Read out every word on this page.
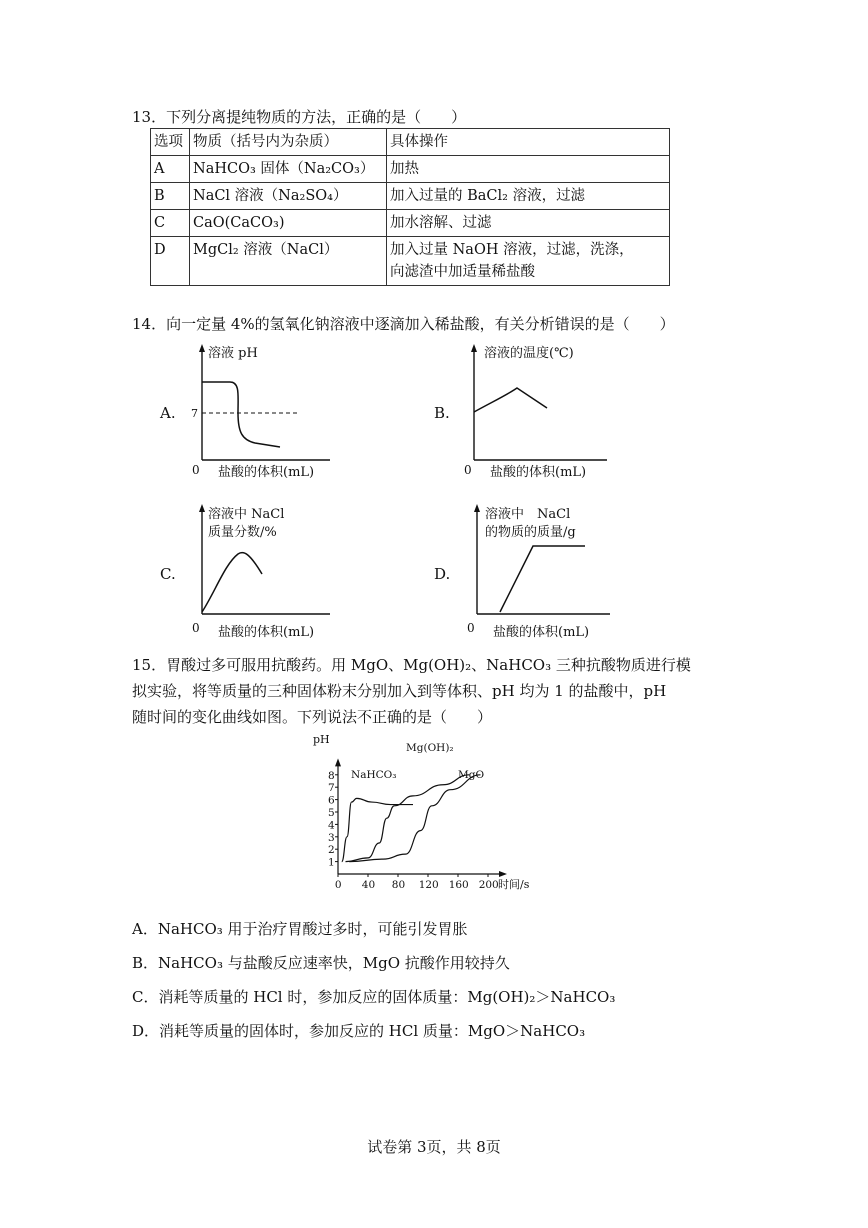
13．下列分离提纯物质的方法，正确的是（　　）
选项	物质（括号内为杂质）	具体操作
A	NaHCO₃ 固体（Na₂CO₃）	加热
B	NaCl 溶液（Na₂SO₄）	加入过量的 BaCl₂ 溶液，过滤
C	CaO(CaCO₃)	加水溶解、过滤
D	MgCl₂ 溶液（NaCl）	加入过量 NaOH 溶液，过滤，洗涤，
向滤渣中加适量稀盐酸
14．向一定量 4%的氢氧化钠溶液中逐滴加入稀盐酸，有关分析错误的是（　　）
A.
溶液 pH
7
0 盐酸的体积(mL)
B.
溶液的温度(℃)
0 盐酸的体积(mL)
C.
溶液中 NaCl
质量分数/%
0 盐酸的体积(mL)
D.
溶液中　NaCl
的物质的质量/g
0 盐酸的体积(mL)
15．胃酸过多可服用抗酸药。用 MgO、Mg(OH)₂、NaHCO₃ 三种抗酸物质进行模
拟实验，将等质量的三种固体粉末分别加入到等体积、pH 均为 1 的盐酸中，pH
随时间的变化曲线如图。下列说法不正确的是（　　）
pH
时间/s
NaHCO₃
Mg(OH)₂
MgO
1
2
3
4
5
6
7
8
0 40 80 120 160 200
A．NaHCO₃ 用于治疗胃酸过多时，可能引发胃胀
B．NaHCO₃ 与盐酸反应速率快，MgO 抗酸作用较持久
C．消耗等质量的 HCl 时，参加反应的固体质量：Mg(OH)₂＞NaHCO₃
D．消耗等质量的固体时，参加反应的 HCl 质量：MgO＞NaHCO₃
试卷第 3页，共 8页
